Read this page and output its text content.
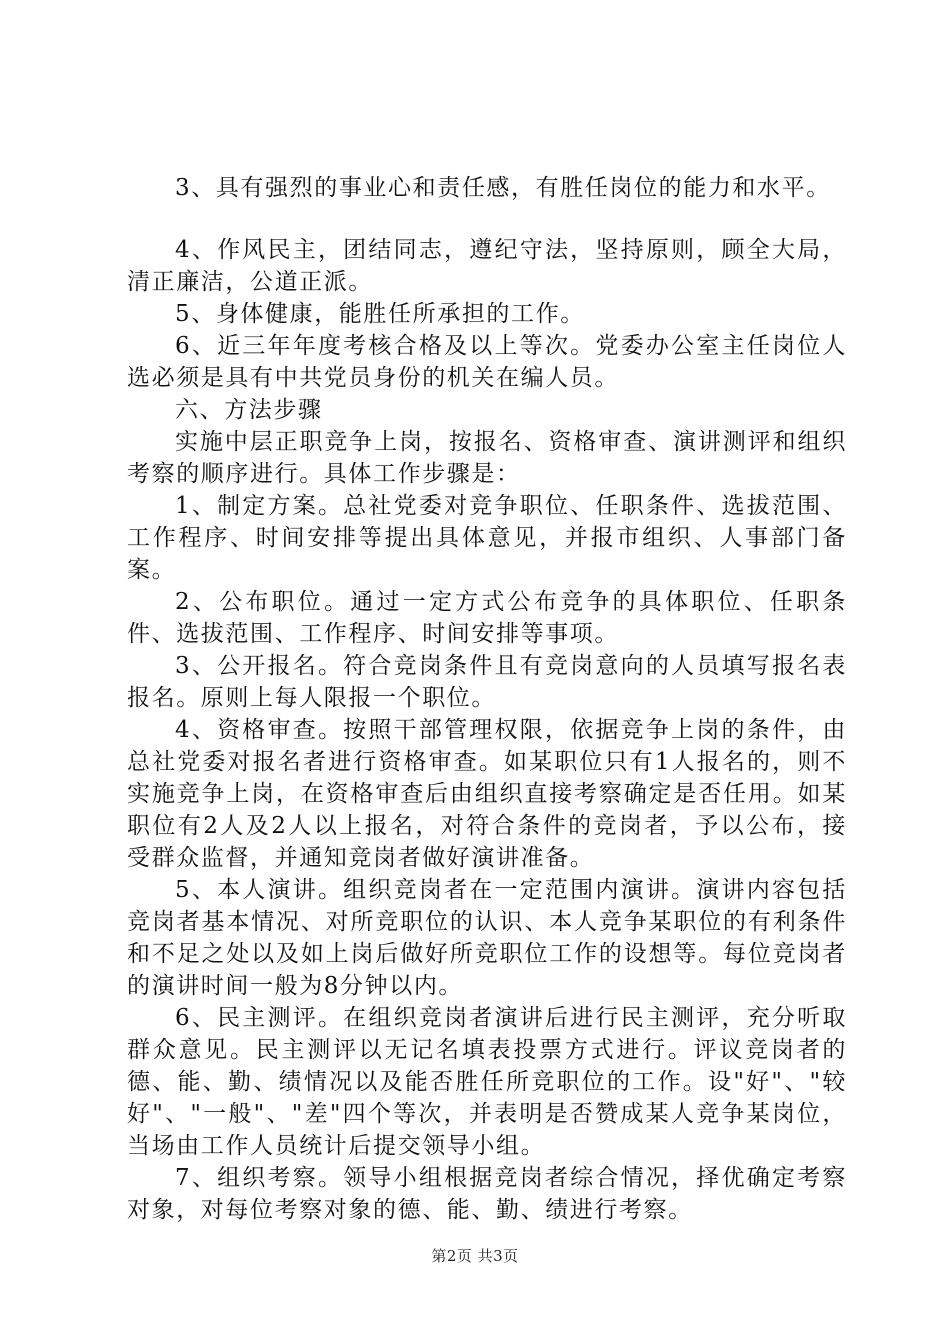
3、具有强烈的事业心和责任感，有胜任岗位的能力和水平。

4、作风民主，团结同志，遵纪守法，坚持原则，顾全大局，清正廉洁，公道正派。

5、身体健康，能胜任所承担的工作。

6、近三年年度考核合格及以上等次。党委办公室主任岗位人选必须是具有中共党员身份的机关在编人员。

六、方法步骤

实施中层正职竞争上岗，按报名、资格审查、演讲测评和组织考察的顺序进行。具体工作步骤是：

1、制定方案。总社党委对竞争职位、任职条件、选拔范围、工作程序、时间安排等提出具体意见，并报市组织、人事部门备案。

2、公布职位。通过一定方式公布竞争的具体职位、任职条件、选拔范围、工作程序、时间安排等事项。

3、公开报名。符合竞岗条件且有竞岗意向的人员填写报名表报名。原则上每人限报一个职位。

4、资格审查。按照干部管理权限，依据竞争上岗的条件，由总社党委对报名者进行资格审查。如某职位只有1人报名的，则不实施竞争上岗，在资格审查后由组织直接考察确定是否任用。如某职位有2人及2人以上报名，对符合条件的竞岗者，予以公布，接受群众监督，并通知竞岗者做好演讲准备。

5、本人演讲。组织竞岗者在一定范围内演讲。演讲内容包括竞岗者基本情况、对所竞职位的认识、本人竞争某职位的有利条件和不足之处以及如上岗后做好所竞职位工作的设想等。每位竞岗者的演讲时间一般为8分钟以内。

6、民主测评。在组织竞岗者演讲后进行民主测评，充分听取群众意见。民主测评以无记名填表投票方式进行。评议竞岗者的德、能、勤、绩情况以及能否胜任所竞职位的工作。设"好"、"较好"、"一般"、"差"四个等次，并表明是否赞成某人竞争某岗位，当场由工作人员统计后提交领导小组。

7、组织考察。领导小组根据竞岗者综合情况，择优确定考察对象，对每位考察对象的德、能、勤、绩进行考察。

第2页 共3页
